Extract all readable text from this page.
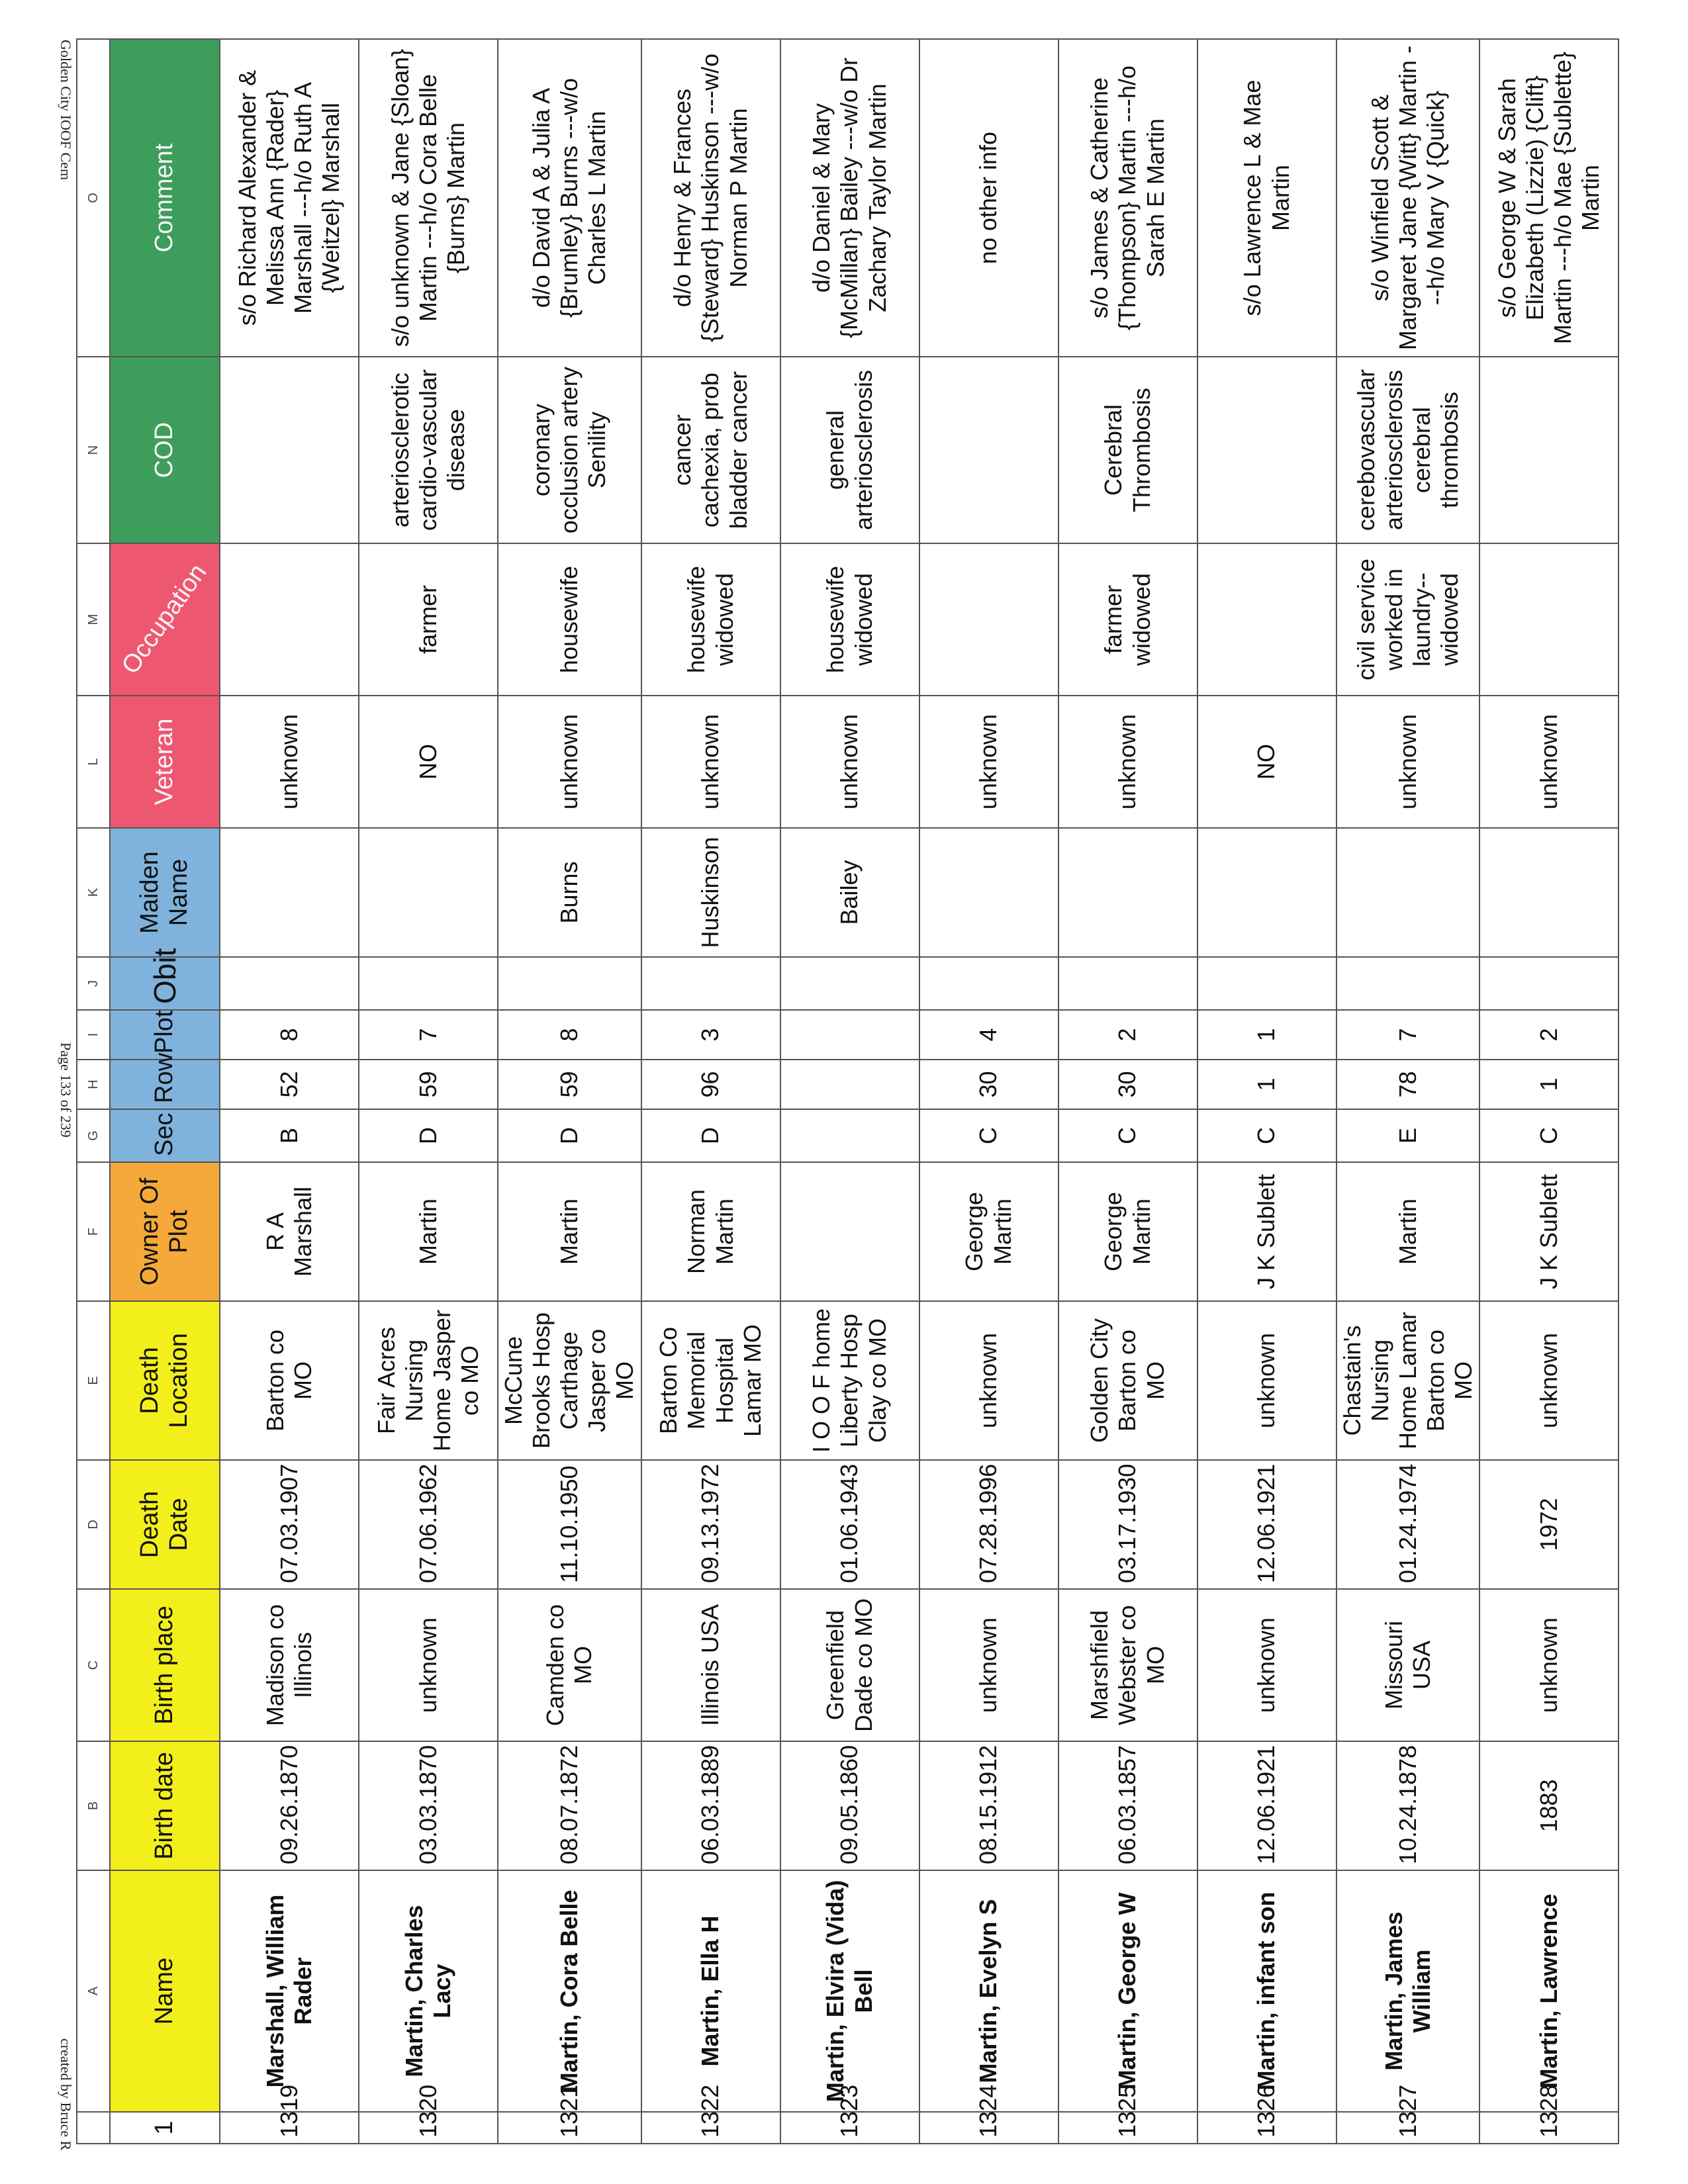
	A	B	C	D	E	F	G	H	I	J	K	L	M	N	O
1	Name	Birth date	Birth place	Death Date	Death Location	Owner Of Plot	Sec	Row	Plot	Obit	Maiden Name	Veteran	Occupation	COD	Comment
1319	Marshall, William Rader	09.26.1870	Madison co Illinois	07.03.1907	Barton co MO	R A Marshall	B	52	8			unknown			s/o Richard Alexander & Melissa Ann {Rader} Marshall ---h/o Ruth A {Weitzel} Marshall
1320	Martin, Charles Lacy	03.03.1870	unknown	07.06.1962	Fair Acres Nursing Home Jasper co MO	Martin	D	59	7			NO	farmer	arteriosclerotic cardio-vascular disease	s/o unknown & Jane {Sloan} Martin ---h/o Cora Belle {Burns} Martin
1321	Martin, Cora Belle	08.07.1872	Camden co MO	11.10.1950	McCune Brooks Hosp Carthage Jasper co MO	Martin	D	59	8		Burns	unknown	housewife	coronary occlusion artery Senility	d/o David A & Julia A {Brumley} Burns ---w/o Charles L Martin
1322	Martin, Ella H	06.03.1889	Illinois USA	09.13.1972	Barton Co Memorial Hospital Lamar MO	Norman Martin	D	96	3		Huskinson	unknown	housewife widowed	cancer cachexia, prob bladder cancer	d/o Henry & Frances {Steward} Huskinson ---w/o Norman P Martin
1323	Martin, Elvira (Vida) Bell	09.05.1860	Greenfield Dade co MO	01.06.1943	I O O F home Liberty Hosp Clay co MO						Bailey	unknown	housewife widowed	general arteriosclerosis	d/o Daniel & Mary {McMillan} Bailey ---w/o Dr Zachary Taylor Martin
1324	Martin, Evelyn S	08.15.1912	unknown	07.28.1996	unknown	George Martin	C	30	4			unknown			no other info
1325	Martin, George W	06.03.1857	Marshfield Webster co MO	03.17.1930	Golden City Barton co MO	George Martin	C	30	2			unknown	farmer widowed	Cerebral Thrombosis	s/o James & Catherine {Thompson} Martin ---h/o Sarah E Martin
1326	Martin, infant son	12.06.1921	unknown	12.06.1921	unknown	J K Sublett	C	1	1			NO			s/o Lawrence L & Mae Martin
1327	Martin, James William	10.24.1878	Missouri USA	01.24.1974	Chastain's Nursing Home Lamar Barton co MO	Martin	E	78	7			unknown	civil service worked in laundry-- widowed	cerebovascular arteriosclerosis cerebral thrombosis	s/o Winfield Scott & Margaret Jane {Witt} Martin ---h/o Mary V {Quick}
1328	Martin, Lawrence	1883	unknown	1972	unknown	J K Sublett	C	1	2			unknown			s/o George W & Sarah Elizabeth (Lizzie) {Clift} Martin ---h/o Mae {Sublette} Martin
Golden City IOOF Cem
Page 133 of 239
created by Bruce R
